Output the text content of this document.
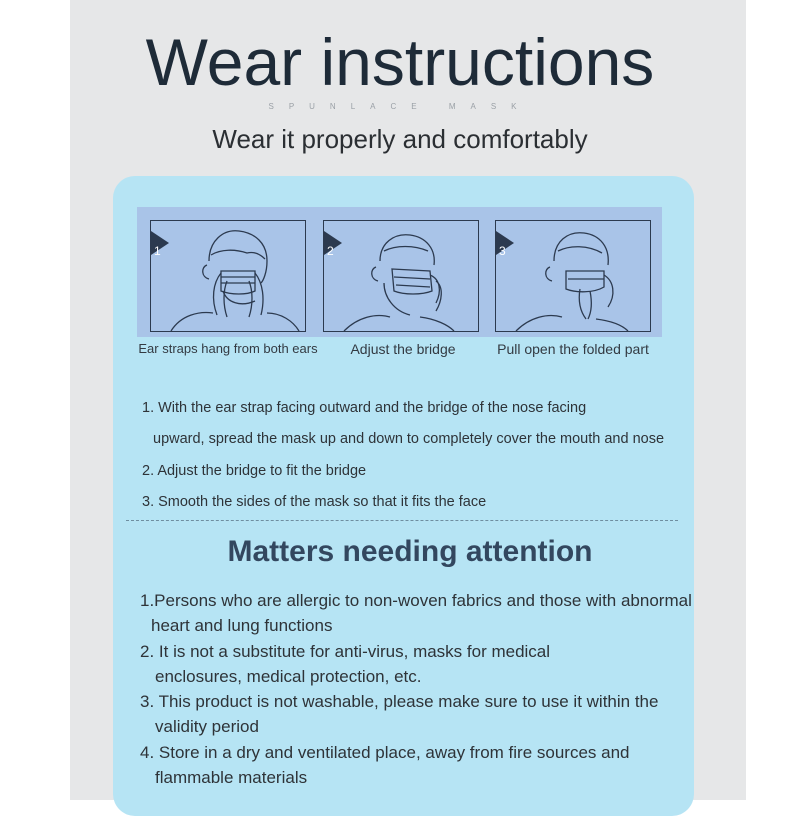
Wear instructions
SPUNLACE MASK
Wear it properly and comfortably
1	2	3
Ear straps hang from both ears	Adjust the bridge	Pull open the folded part
1. With the ear strap facing outward and the bridge of the nose facing
upward, spread the mask up and down to completely cover the mouth and nose
2. Adjust the bridge to fit the bridge
3. Smooth the sides of the mask so that it fits the face
Matters needing attention
1.Persons who are allergic to non-woven fabrics and those with abnormal
heart and lung functions
2. It is not a substitute for anti-virus, masks for medical
enclosures, medical protection, etc.
3. This product is not washable, please make sure to use it within the
validity period
4. Store in a dry and ventilated place, away from fire sources and
flammable materials
